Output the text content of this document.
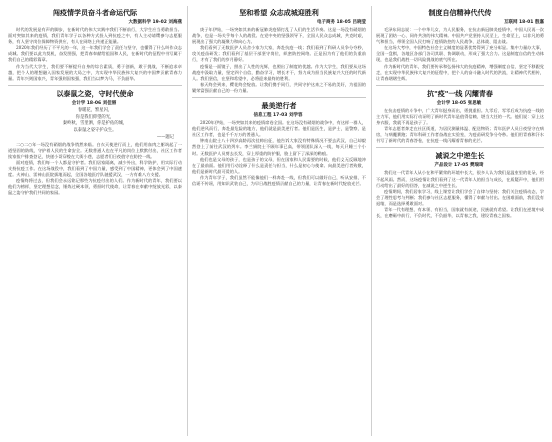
闯疫情学员奋斗者命运代际
大数据科学 19-02 刘海燕

时代的发展是有声的脚步，在新时代的伟大实践中我们不断前行，大学生应当勇敢担当。面对突如其来的疫情，我们青年学子以各种方式投入到抗疫之中，有人主动请缨参与志愿服务，有人坚守岗位保障物资供应，有人在网络上传递正能量。

2020年我们经历了不平凡的一年，这一年我们学会了责任与坚守，也懂得了什么叫作众志成城。我们要以此为契机，奋发图强，把青春奉献给祖国和人民，在新时代的征程中书写属于我们自己的精彩篇章。

作为当代大学生，我们要不断提升自身的综合素质，勇于创新，敢于挑战，不断追求卓越，把个人的理想融入国家发展的大局之中，为实现中华民族伟大复兴的中国梦贡献青春力量。青年兴则国家兴，青年强则国家强，我们当以梦为马，不负韶华。

以泰鼠之姿，守时代使命
会计学 18-06 刘佳丽
春暖花，繁星闪，
你是我们仰望的光，
秦岭秋，雪里洒，你是护佑的城，
以泰鼠之姿守护众生。
——题记

二○二○年一场没有硝烟的战争悄然来临。白衣天使逆行而上，他们用血肉之躯筑起了一道坚固的防线，守护着人民的生命安全。无数普通人也在平凡的岗位上默默付出，社区工作者挨家挨户排查登记，快递小哥穿梭在大街小巷，志愿者们日夜值守在防控一线。

面对疫情，我们每一个人都是守护者。我们居家隔离，减少外出，科学防护，用实际行动支持抗疫工作。在这场战役中，我们看到了中国力量，感受到了中国精神，更体会到了中国速度。火神山、雷神山医院拔地而起，全国各地医疗队驰援武汉，一方有难八方支援。

疫情终将过去，但我们会永远铭记那些为抗疫付出的人们。作为新时代的青年，我们要以他们为榜样，坚定理想信念，锤炼过硬本领，勇担时代使命，让青春在奉献中绽放光彩，以泰鼠之姿守护我们共同的家园。

坚和希望 众志成城迎胜利
电子商务 18-05 吕晓莹

庚子年伊始，一场突如其来的新冠肺炎疫情打乱了人们的生活节奏。这是一场没有硝烟的战争，也是一场关乎每个人的战役。在党中央的坚强领导下，全国人民众志成城，共克时艰，展现出了强大的凝聚力和向心力。

我们看到了无数医护人员舍小家为大家，奔赴抗疫一线；我们看到了科研人员争分夺秒，攻关疫苗研发；我们看到了基层干部坚守岗位，织密防控网络。正是因为有了他们的负重前行，才有了我们的岁月静好。

疫情是一面镜子，照出了人性的光辉，也照出了制度的优越。作为大学生，我们要从这场战疫中汲取力量，坚定四个自信，勤奋学习，增长才干，努力成为担当民族复兴大任的时代新人。我们坚信，在坚和希望中，必将迎来最终的胜利。

春天终会到来，樱花终会绽放。让我们携手同行，共同守护这来之不易的美好，为祖国的繁荣富强贡献自己的一份力量。

最美逆行者
信息工程 17-03 刘学容

2020年伊始，一场突如其来的疫情席卷全国。在这场没有硝烟的战争中，有这样一群人，他们逆风而行，奔赴最危险的地方，他们就是最美逆行者。他们是医生，是护士，是警察，是社区工作者，也是千千万万的普通人。

钟南山院士八十四岁高龄再次挂帅出征，他告诉大家没有特殊情况不要去武汉，自己却毅然登上了前往武汉的列车。李兰娟院士不顾年事已高，带领团队深入一线，每天只睡三个小时。无数医护人员剪去长发，穿上厚重的防护服，脸上留下了深深的勒痕。

他们也是父母的孩子，也是孩子的父母，但在国家和人民需要的时候，他们义无反顾地冲在了最前面。他们用行动诠释了什么是责任与担当，什么是初心与使命。向最美逆行者致敬，他们是新时代最可爱的人。

作为青年学子，我们虽然不能像他们一样奔赴一线，但我们可以做好自己，听从安排，不信谣不传谣，用知识武装自己，为早日战胜疫情贡献自己的力量，让青春在新时代绽放光芒。

制度自信精神代代传
互联网 18-01 殷嘉

毛泽东同志说：一个中华儿女，为人民服务，在抗击新冠肺炎疫情中，中国人民再一次展现了团结一心、同舟共济的伟大精神。中国共产党坚持人民至上、生命至上，以非凡的勇气和担当，带领全国人民打响了疫情防控的人民战争、总体战、阻击战。

在这场大考中，中国特色社会主义制度的显著优势得到了充分彰显。集中力量办大事，全国一盘棋，各地区各部门各司其职、协调联动，形成了强大合力。这是制度自信的生动体现，也是我们战胜一切风险挑战的底气所在。

作为新时代的青年，我们要传承和弘扬伟大的抗疫精神，增强制度自信，坚定不移跟党走，在实现中华民族伟大复兴的征程中，把个人的奋斗融入时代的洪流，让精神代代相传，让青春熠熠生辉。

抗"疫"一线 闪耀青春
会计学 18-05 张思敏

在抗击疫情的斗争中，广大青年挺身而出，勇挑重担。九零后、零零后成为抗疫一线的主力军，他们用实际行动证明了新时代青年是值得信赖、堪当大任的一代。他们说：穿上这身衣服，我就不再是孩子了。

青年志愿者奔走在社区街道，为居民测量体温、配送物资；青年医护人员日夜坚守在病房，与病魔赛跑；青年科研工作者奋战在实验室，为疫苗研发争分夺秒。他们用青春和汗水书写了新时代的青春答卷，在抗疫一线闪耀着青春的光芒。

减说之中逆生长
产品设计 17-05 樊瑞琦

我们这一代青年人从小在和平繁荣的环境中长大，很多人认为我们是温室里的花朵，经不起风雨。然而，这场疫情让我们看到了这一代青年人的担当与成长，在质疑声中，他们用行动给出了最好的回答，在减说之中逆生长。

疫情期间，我们居家学习，线上课堂让我们学会了自律与坚持；我们关注疫情动态，学会了理性思考与判断；我们参与社区志愿服务，懂得了奉献与付出。在困难面前，我们没有退缩，而是选择勇敢面对。

青年一代有理想、有本领、有担当，国家就有前途，民族就有希望。让我们在逆境中成长，在磨砺中前行，不负时代，不负韶华，以青春之我，建设青春之国家。
